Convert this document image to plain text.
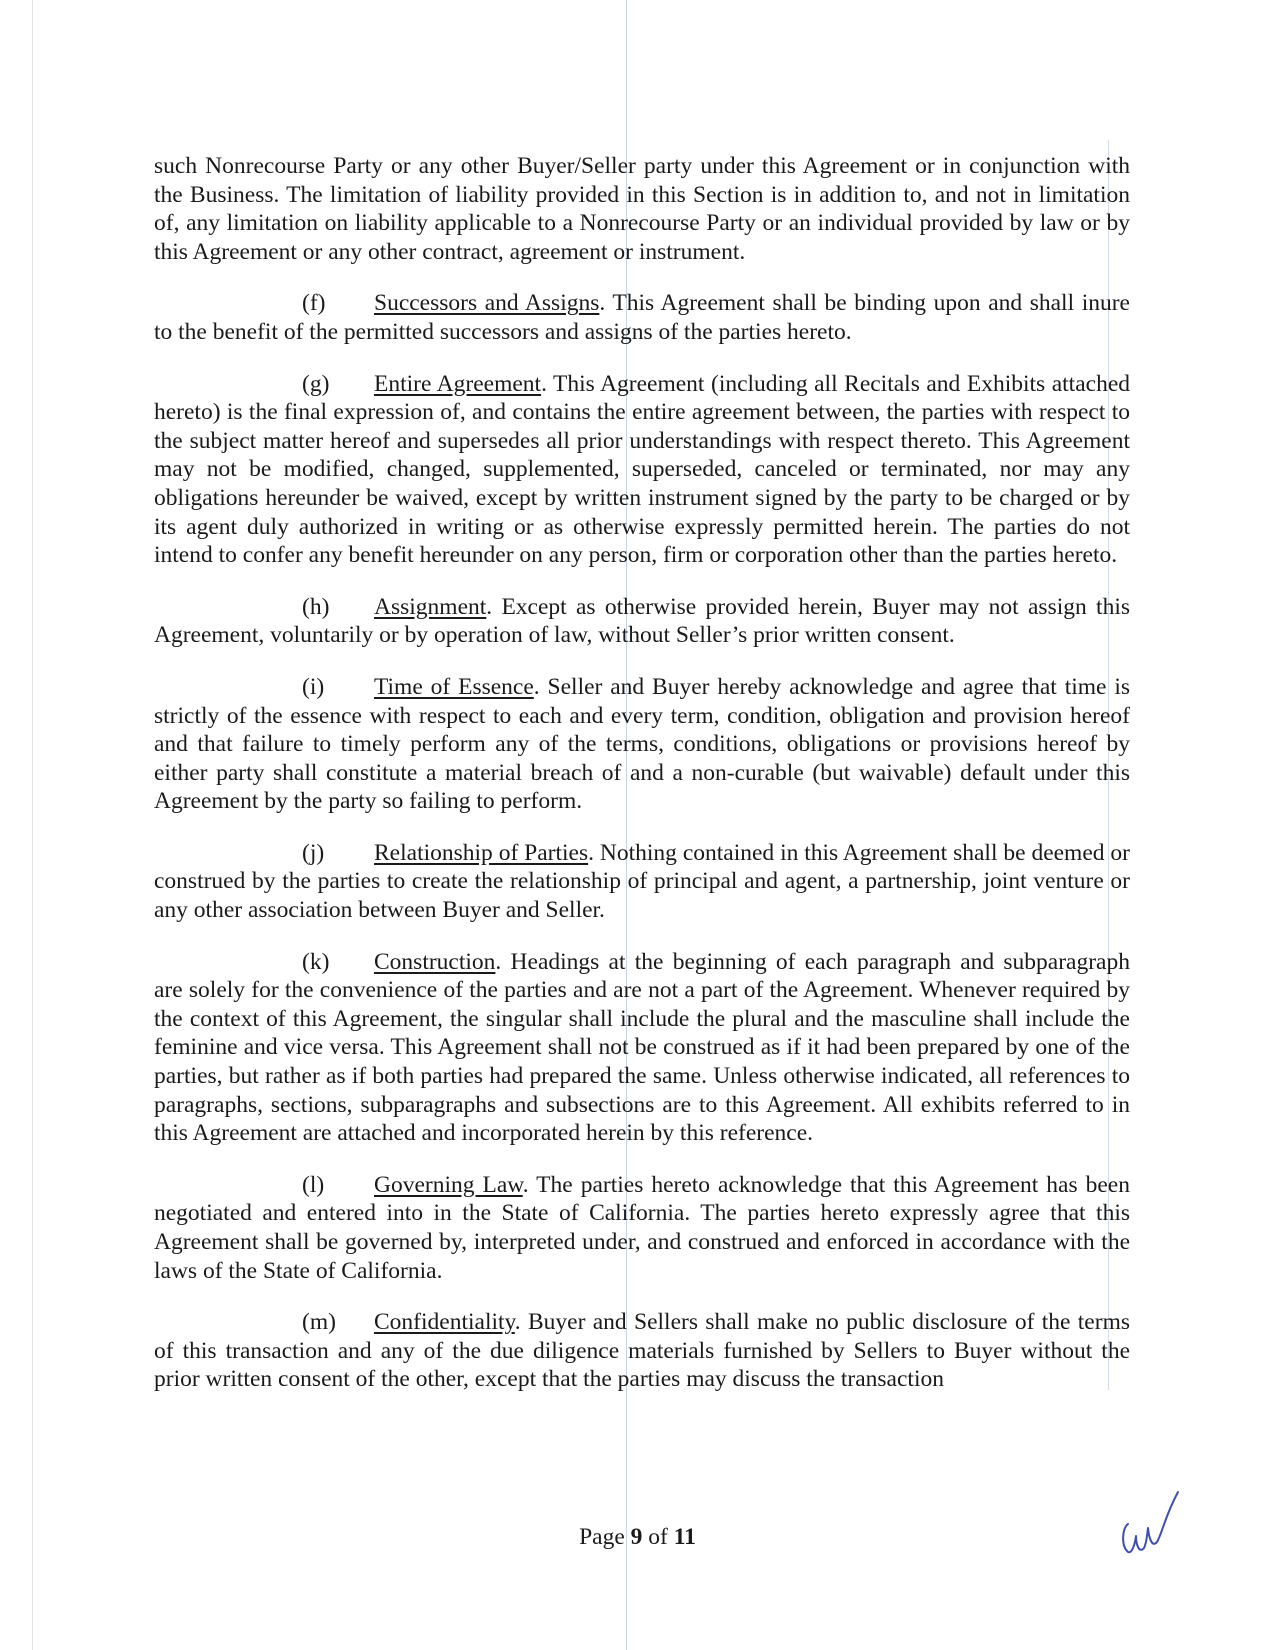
such Nonrecourse Party or any other Buyer/Seller party under this Agreement or in conjunction with the Business. The limitation of liability provided in this Section is in addition to, and not in limitation of, any limitation on liability applicable to a Nonrecourse Party or an individual provided by law or by this Agreement or any other contract, agreement or instrument.

(f) Successors and Assigns. This Agreement shall be binding upon and shall inure to the benefit of the permitted successors and assigns of the parties hereto.

(g) Entire Agreement. This Agreement (including all Recitals and Exhibits attached hereto) is the final expression of, and contains the entire agreement between, the parties with respect to the subject matter hereof and supersedes all prior understandings with respect thereto. This Agreement may not be modified, changed, supplemented, superseded, canceled or terminated, nor may any obligations hereunder be waived, except by written instrument signed by the party to be charged or by its agent duly authorized in writing or as otherwise expressly permitted herein. The parties do not intend to confer any benefit hereunder on any person, firm or corporation other than the parties hereto.

(h) Assignment. Except as otherwise provided herein, Buyer may not assign this Agreement, voluntarily or by operation of law, without Seller’s prior written consent.

(i) Time of Essence. Seller and Buyer hereby acknowledge and agree that time is strictly of the essence with respect to each and every term, condition, obligation and provision hereof and that failure to timely perform any of the terms, conditions, obligations or provisions hereof by either party shall constitute a material breach of and a non-curable (but waivable) default under this Agreement by the party so failing to perform.

(j) Relationship of Parties. Nothing contained in this Agreement shall be deemed or construed by the parties to create the relationship of principal and agent, a partnership, joint venture or any other association between Buyer and Seller.

(k) Construction. Headings at the beginning of each paragraph and subparagraph are solely for the convenience of the parties and are not a part of the Agreement. Whenever required by the context of this Agreement, the singular shall include the plural and the masculine shall include the feminine and vice versa. This Agreement shall not be construed as if it had been prepared by one of the parties, but rather as if both parties had prepared the same. Unless otherwise indicated, all references to paragraphs, sections, subparagraphs and subsections are to this Agreement. All exhibits referred to in this Agreement are attached and incorporated herein by this reference.

(l) Governing Law. The parties hereto acknowledge that this Agreement has been negotiated and entered into in the State of California. The parties hereto expressly agree that this Agreement shall be governed by, interpreted under, and construed and enforced in accordance with the laws of the State of California.

(m) Confidentiality. Buyer and Sellers shall make no public disclosure of the terms of this transaction and any of the due diligence materials furnished by Sellers to Buyer without the prior written consent of the other, except that the parties may discuss the transaction

Page 9 of 11
